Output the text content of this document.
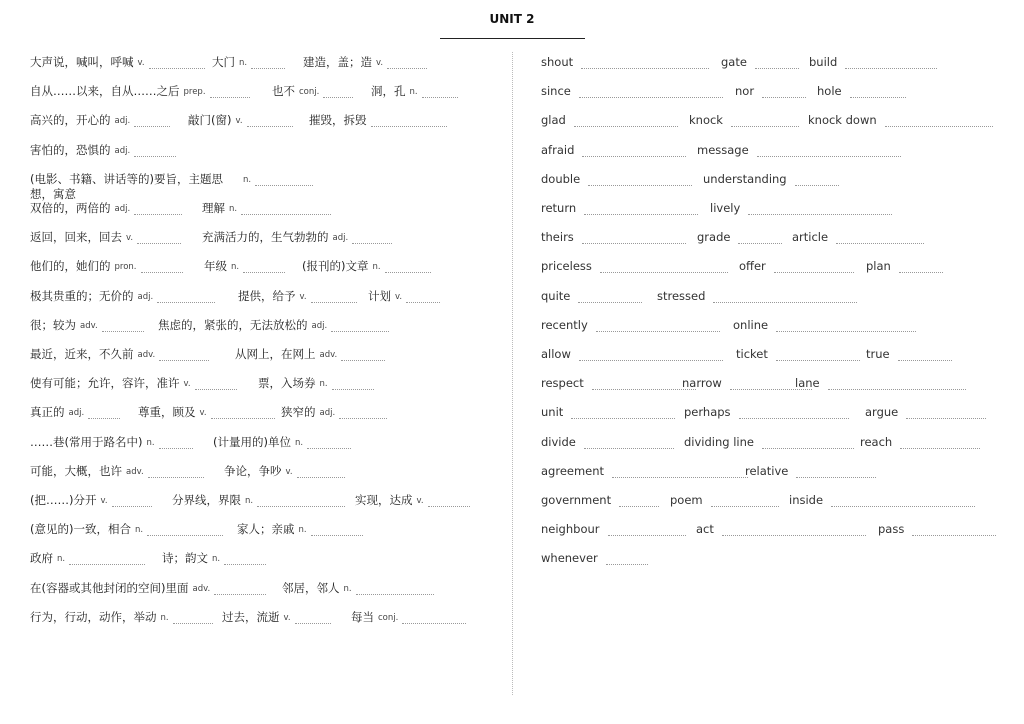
UNIT 2
大声说，喊叫，呼喊 v.	大门 n.	建造，盖；造 v.
自从……以来，自从……之后 prep.	也不 conj.	洞，孔 n.
高兴的，开心的 adj.	敲门(窗) v.	摧毁，拆毁
害怕的，恐惧的 adj.
(电影、书籍、讲话等的)要旨，主题思 n.
想，寓意
双倍的，两倍的 adj.	理解 n.
返回，回来，回去 v.	充满活力的，生气勃勃的 adj.
他们的，她们的 pron.	年级 n.	(报刊的)文章 n.
极其贵重的；无价的 adj.	提供，给予 v.	计划 v.
很；较为 adv.	焦虑的，紧张的，无法放松的 adj.
最近，近来，不久前 adv.	从网上，在网上 adv.
使有可能；允许，容许，准许 v.	票，入场券 n.
真正的 adj.	尊重，顾及 v.	狭窄的 adj.
……巷(常用于路名中) n.	(计量用的)单位 n.
可能，大概，也许 adv.	争论，争吵 v.
(把……)分开 v.	分界线，界限 n.	实现，达成 v.
(意见的)一致，相合 n.	家人；亲戚 n.
政府 n.	诗；韵文 n.
在(容器或其他封闭的空间)里面 adv.	邻居，邻人 n.
行为，行动，动作，举动 n.	过去，流逝 v.	每当 conj.
shout	gate	build
since	nor	hole
glad	knock	knock down
afraid	message
double	understanding
return	lively
theirs	grade	article
priceless	offer	plan
quite	stressed
recently	online
allow	ticket	true
respect	narrow	lane
unit	perhaps	argue
divide	dividing line	reach
agreement	relative
government	poem	inside
neighbour	act	pass
whenever
